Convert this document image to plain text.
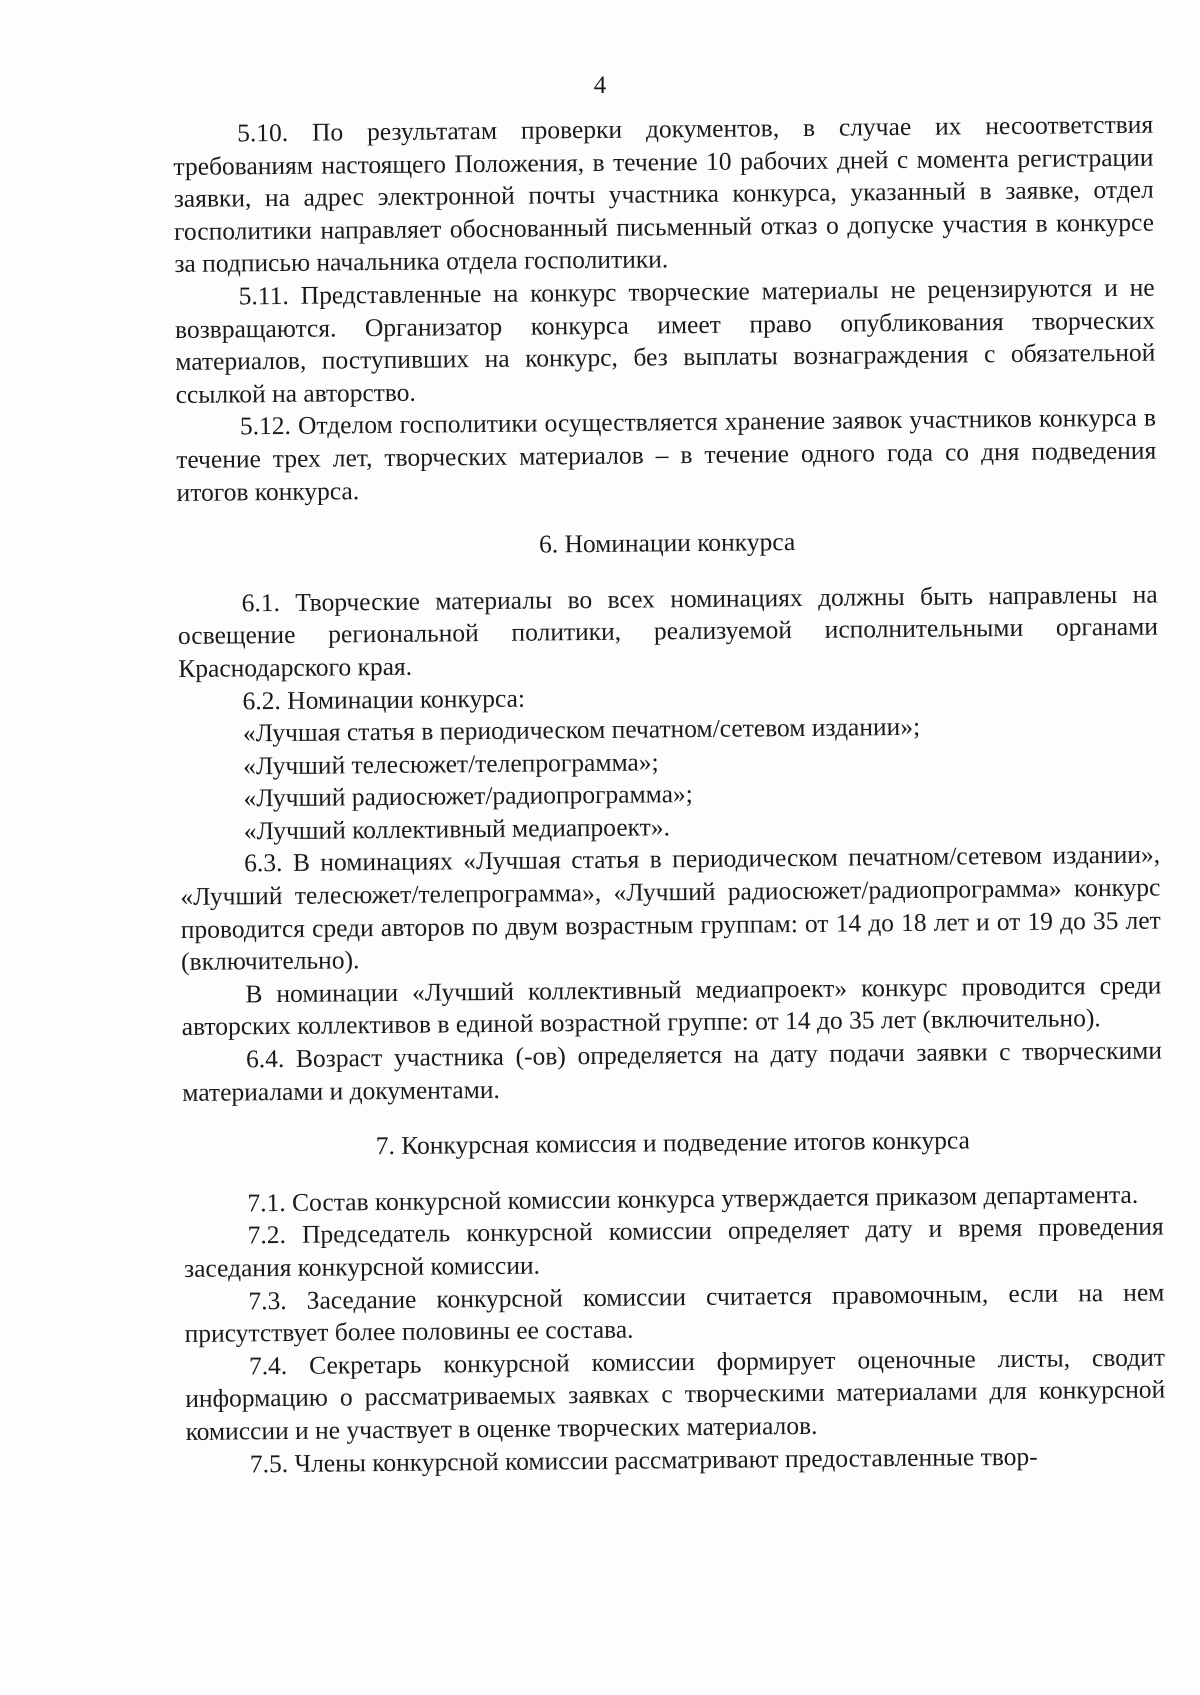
4

5.10. По результатам проверки документов, в случае их несоответствия требованиям настоящего Положения, в течение 10 рабочих дней с момента регистрации заявки, на адрес электронной почты участника конкурса, указанный в заявке, отдел госполитики направляет обоснованный письменный отказ о допуске участия в конкурсе за подписью начальника отдела госполитики.

5.11. Представленные на конкурс творческие материалы не рецензируются и не возвращаются. Организатор конкурса имеет право опубликования творческих материалов, поступивших на конкурс, без выплаты вознаграждения с обязательной ссылкой на авторство.

5.12. Отделом госполитики осуществляется хранение заявок участников конкурса в течение трех лет, творческих материалов – в течение одного года со дня подведения итогов конкурса.

6. Номинации конкурса

6.1. Творческие материалы во всех номинациях должны быть направлены на освещение региональной политики, реализуемой исполнительными органами Краснодарского края.

6.2. Номинации конкурса:

«Лучшая статья в периодическом печатном/сетевом издании»;

«Лучший телесюжет/телепрограмма»;

«Лучший радиосюжет/радиопрограмма»;

«Лучший коллективный медиапроект».

6.3. В номинациях «Лучшая статья в периодическом печатном/сетевом издании», «Лучший телесюжет/телепрограмма», «Лучший радиосюжет/радиопрограмма» конкурс проводится среди авторов по двум возрастным группам: от 14 до 18 лет и от 19 до 35 лет (включительно).

В номинации «Лучший коллективный медиапроект» конкурс проводится среди авторских коллективов в единой возрастной группе: от 14 до 35 лет (включительно).

6.4. Возраст участника (-ов) определяется на дату подачи заявки с творческими материалами и документами.

7. Конкурсная комиссия и подведение итогов конкурса

7.1. Состав конкурсной комиссии конкурса утверждается приказом департамента.

7.2. Председатель конкурсной комиссии определяет дату и время проведения заседания конкурсной комиссии.

7.3. Заседание конкурсной комиссии считается правомочным, если на нем присутствует более половины ее состава.

7.4. Секретарь конкурсной комиссии формирует оценочные листы, сводит информацию о рассматриваемых заявках с творческими материалами для конкурсной комиссии и не участвует в оценке творческих материалов.

7.5. Члены конкурсной комиссии рассматривают предоставленные твор-
